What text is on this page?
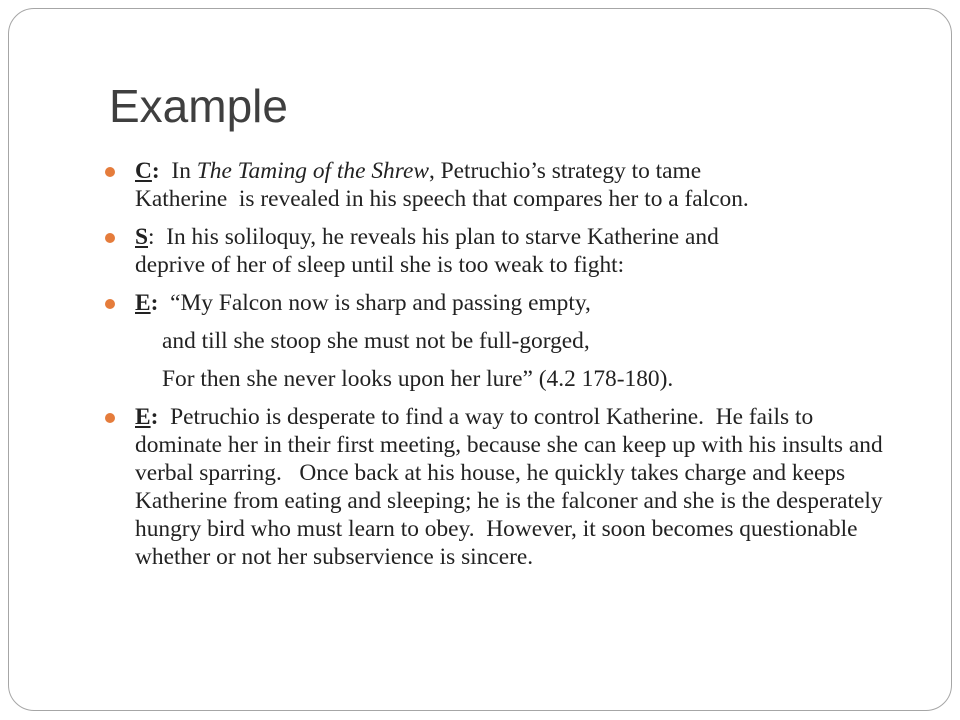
Example
C:  In The Taming of the Shrew, Petruchio’s strategy to tame
Katherine  is revealed in his speech that compares her to a falcon.
S:  In his soliloquy, he reveals his plan to starve Katherine and
deprive of her of sleep until she is too weak to fight:
E:  “My Falcon now is sharp and passing empty,
and till she stoop she must not be full-gorged,
For then she never looks upon her lure” (4.2 178-180).
E:  Petruchio is desperate to find a way to control Katherine.  He fails to dominate her in their first meeting, because she can keep up with his insults and verbal sparring.   Once back at his house, he quickly takes charge and keeps Katherine from eating and sleeping; he is the falconer and she is the desperately hungry bird who must learn to obey.  However, it soon becomes questionable whether or not her subservience is sincere.
